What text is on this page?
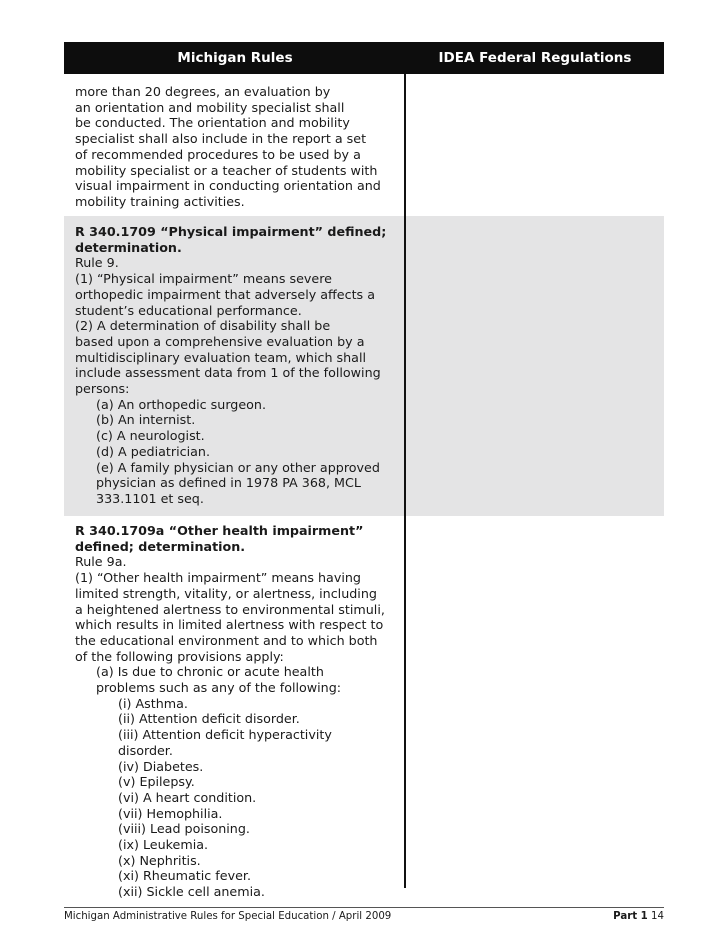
Michigan Rules	IDEA Federal Regulations
more than 20 degrees, an evaluation by
an orientation and mobility specialist shall
be conducted. The orientation and mobility
specialist shall also include in the report a set
of recommended procedures to be used by a
mobility specialist or a teacher of students with
visual impairment in conducting orientation and
mobility training activities.
R 340.1709 “Physical impairment” defined;
determination.
Rule 9.
(1) “Physical impairment” means severe
orthopedic impairment that adversely affects a
student’s educational performance.
(2) A determination of disability shall be
based upon a comprehensive evaluation by a
multidisciplinary evaluation team, which shall
include assessment data from 1 of the following
persons:
(a) An orthopedic surgeon.
(b) An internist.
(c) A neurologist.
(d) A pediatrician.
(e) A family physician or any other approved
physician as defined in 1978 PA 368, MCL
333.1101 et seq.
R 340.1709a “Other health impairment”
defined; determination.
Rule 9a.
(1) “Other health impairment” means having
limited strength, vitality, or alertness, including
a heightened alertness to environmental stimuli,
which results in limited alertness with respect to
the educational environment and to which both
of the following provisions apply:
(a) Is due to chronic or acute health
problems such as any of the following:
(i) Asthma.
(ii) Attention deficit disorder.
(iii) Attention deficit hyperactivity
disorder.
(iv) Diabetes.
(v) Epilepsy.
(vi) A heart condition.
(vii) Hemophilia.
(viii) Lead poisoning.
(ix) Leukemia.
(x) Nephritis.
(xi) Rheumatic fever.
(xii) Sickle cell anemia.
Michigan Administrative Rules for Special Education / April 2009	Part 1 14
